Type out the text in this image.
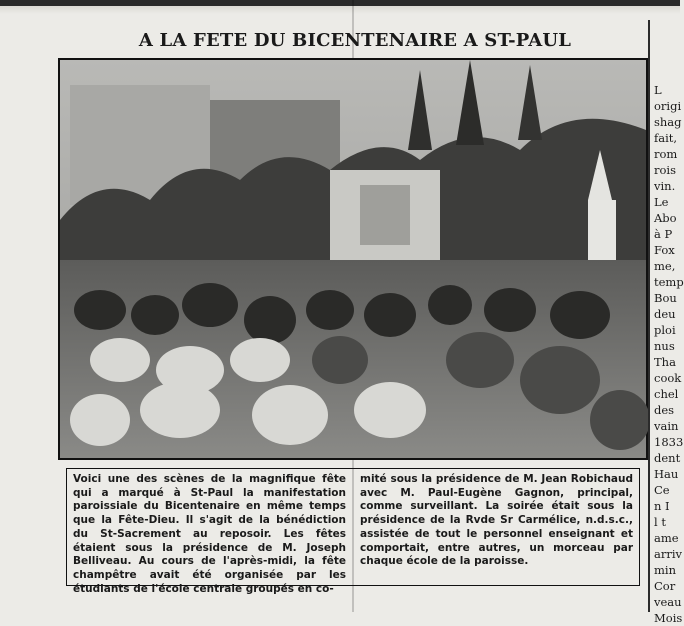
A LA FETE DU BICENTENAIRE A ST-PAUL
Voici une des scènes de la magnifique fête qui a marqué à St-Paul la manifestation paroissiale du Bicentenaire en même temps que la Fête-Dieu. Il s'agit de la bénédiction du St-Sacrement au reposoir. Les fêtes étaient sous la présidence de M. Joseph Belliveau. Au cours de l'après-midi, la fête champêtre avait été organisée par les étudiants de l'école centrale groupés en co-
mité sous la présidence de M. Jean Robichaud avec M. Paul-Eugène Gagnon, principal, comme surveillant. La soirée était sous la présidence de la Rvde Sr Carmélice, n.d.s.c., assistée de tout le personnel enseignant et comportait, entre autres, un morceau par chaque école de la paroisse.
L
origi
shag
fait,
rom
rois
vin.
Le
Abo
à P
Fox
me,
temp
Bou
deu
ploi
nus
Tha
cook
chel
des
vain
1833
dent
Hau
Ce
n I
l t
ame
arriv
min
Cor
veau
Mois
